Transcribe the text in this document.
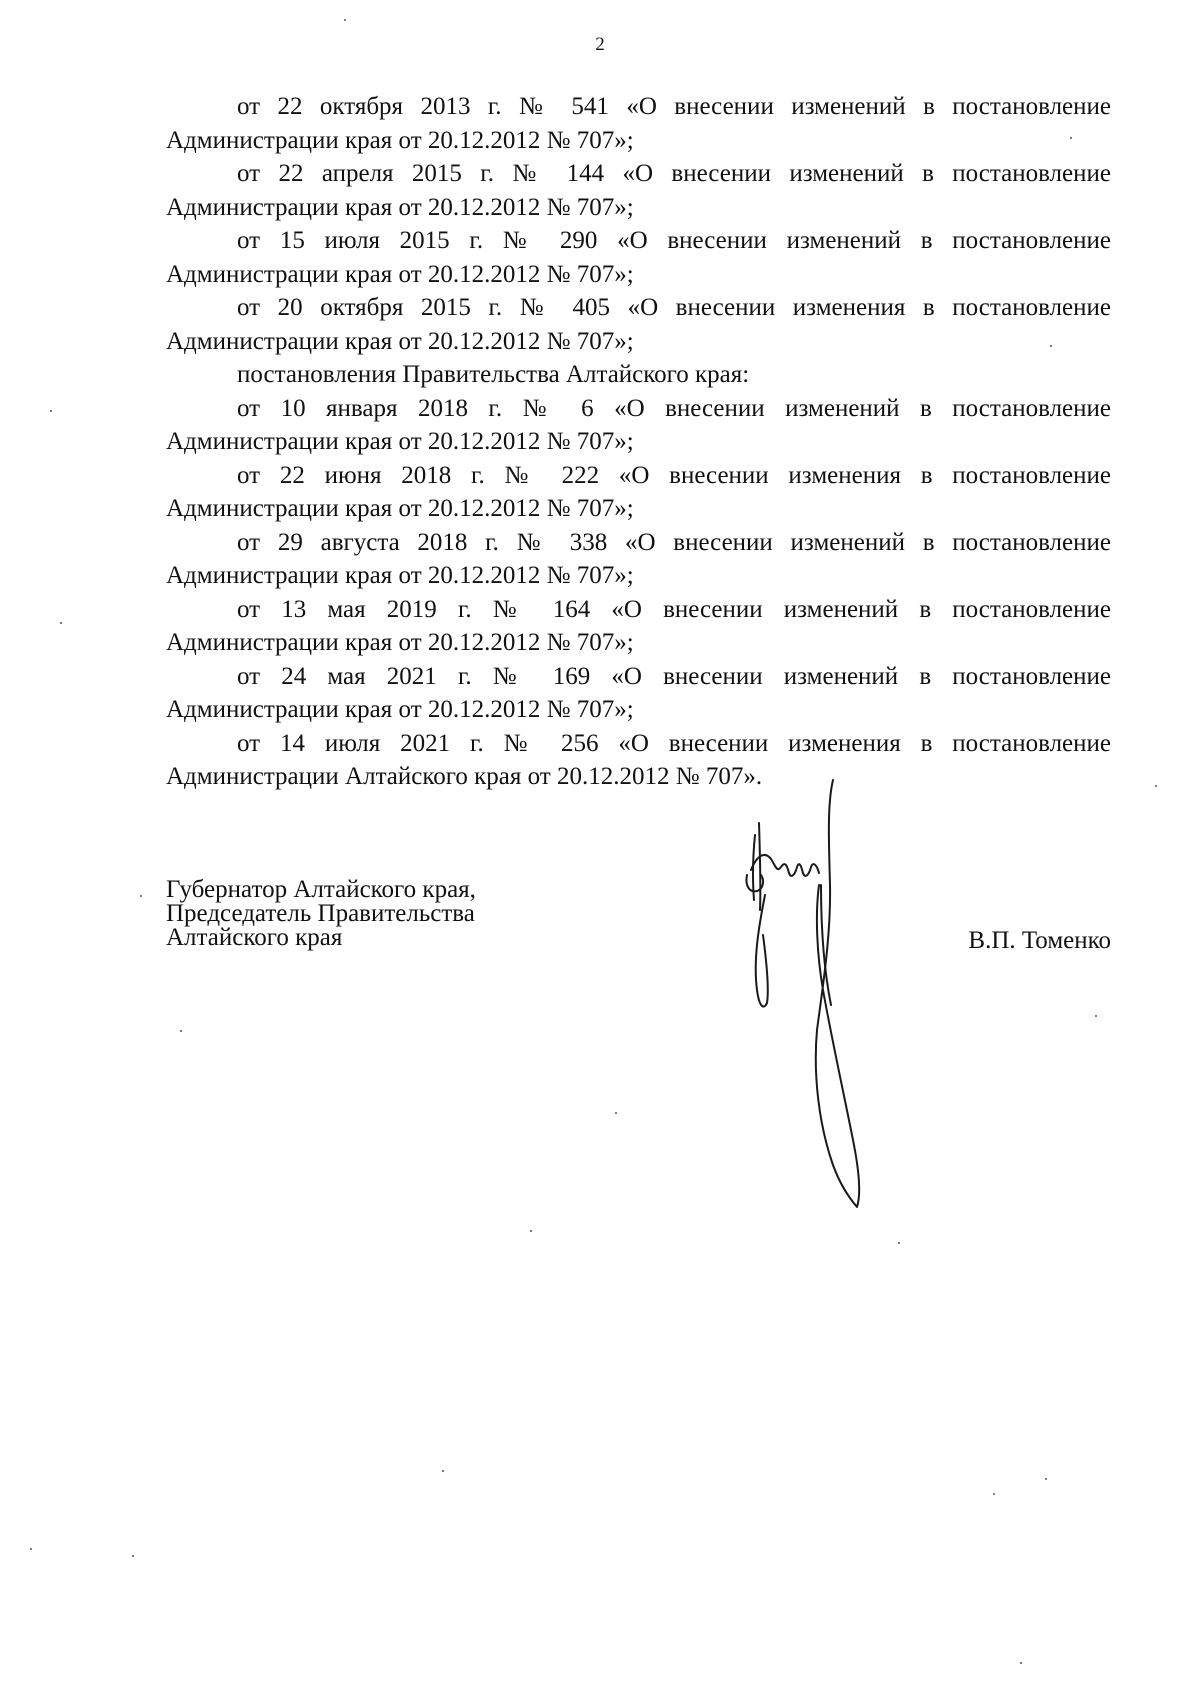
2

от 22 октября 2013 г. № 541 «О внесении изменений в постановление
Администрации края от 20.12.2012 № 707»;

от 22 апреля 2015 г. № 144 «О внесении изменений в постановление
Администрации края от 20.12.2012 № 707»;

от 15 июля 2015 г. № 290 «О внесении изменений в постановление
Администрации края от 20.12.2012 № 707»;

от 20 октября 2015 г. № 405 «О внесении изменения в постановление
Администрации края от 20.12.2012 № 707»;

постановления Правительства Алтайского края:

от 10 января 2018 г. № 6 «О внесении изменений в постановление
Администрации края от 20.12.2012 № 707»;

от 22 июня 2018 г. № 222 «О внесении изменения в постановление
Администрации края от 20.12.2012 № 707»;

от 29 августа 2018 г. № 338 «О внесении изменений в постановление
Администрации края от 20.12.2012 № 707»;

от 13 мая 2019 г. № 164 «О внесении изменений в постановление
Администрации края от 20.12.2012 № 707»;

от 24 мая 2021 г. № 169 «О внесении изменений в постановление
Администрации края от 20.12.2012 № 707»;

от 14 июля 2021 г. № 256 «О внесении изменения в постановление
Администрации Алтайского края от 20.12.2012 № 707».

Губернатор Алтайского края,
Председатель Правительства
Алтайского края	В.П. Томенко
